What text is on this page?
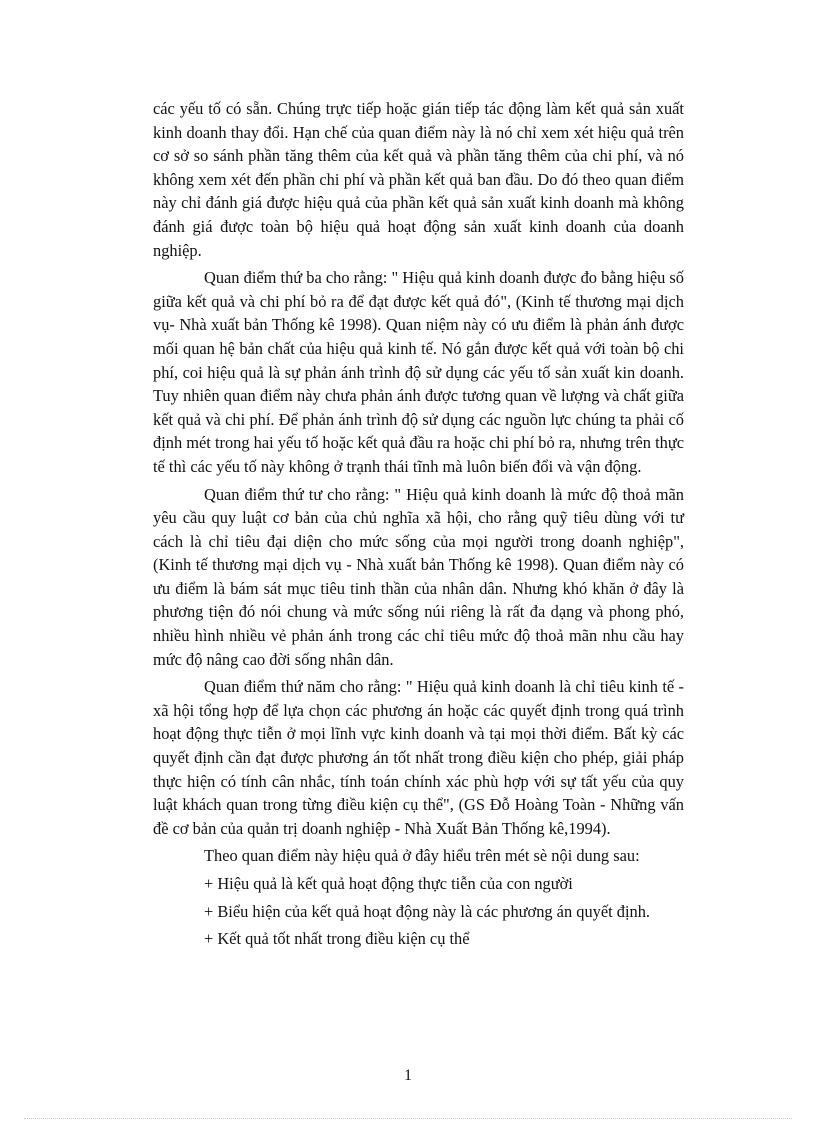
các yếu tố có sẵn. Chúng trực tiếp hoặc gián tiếp tác động làm kết quả sản xuất kinh doanh thay đổi. Hạn chế của quan điểm này là nó chỉ xem xét hiệu quả trên cơ sở so sánh phần tăng thêm của kết quả và phần tăng thêm của chi phí, và nó không xem xét đến phần chi phí và phần kết quả ban đầu. Do đó theo quan điểm này chỉ đánh giá được hiệu quả của phần kết quả sản xuất kinh doanh mà không đánh giá được toàn bộ hiệu quả hoạt động sản xuất kinh doanh của doanh nghiệp.

Quan điểm thứ ba cho rằng: " Hiệu quả kinh doanh được đo bằng hiệu số giữa kết quả và chi phí bỏ ra để đạt được kết quả đó", (Kinh tế thương mại dịch vụ- Nhà xuất bản Thống kê 1998). Quan niệm này có ưu điểm là phản ánh được mối quan hệ bản chất của hiệu quả kinh tế. Nó gắn được kết quả với toàn bộ chi phí, coi hiệu quả là sự phản ánh trình độ sử dụng các yếu tố sản xuất kin doanh. Tuy nhiên quan điểm này chưa phản ánh được tương quan về lượng và chất giữa kết quả và chi phí. Để phản ánh trình độ sử dụng các nguồn lực chúng ta phải cố định mét trong hai yếu tố hoặc kết quả đầu ra hoặc chi phí bỏ ra, nhưng trên thực tế thì các yếu tố này không ở trạnh thái tĩnh mà luôn biến đổi và vận động.

Quan điểm thứ tư cho rằng: " Hiệu quả kinh doanh là mức độ thoả mãn yêu cầu quy luật cơ bản của chủ nghĩa xã hội, cho rằng quỹ tiêu dùng với tư cách là chỉ tiêu đại diện cho mức sống của mọi người trong doanh nghiệp", (Kinh tế thương mại dịch vụ - Nhà xuất bản Thống kê 1998). Quan điểm này có ưu điểm là bám sát mục tiêu tinh thần của nhân dân. Nhưng khó khăn ở đây là phương tiện đó nói chung và mức sống núi riêng là rất đa dạng và phong phó, nhiều hình nhiều vẻ phản ánh trong các chỉ tiêu mức độ thoả mãn nhu cầu hay mức độ nâng cao đời sống nhân dân.

Quan điểm thứ năm cho rằng: " Hiệu quả kinh doanh là chỉ tiêu kinh tế - xã hội tổng hợp để lựa chọn các phương án hoặc các quyết định trong quá trình hoạt động thực tiễn ở mọi lĩnh vực kinh doanh và tại mọi thời điểm. Bất kỳ các quyết định cần đạt được phương án tốt nhất trong điều kiện cho phép, giải pháp thực hiện có tính cân nhắc, tính toán chính xác phù hợp với sự tất yếu của quy luật khách quan trong từng điều kiện cụ thể", (GS Đỗ Hoàng Toàn - Những vấn đề cơ bản của quản trị doanh nghiệp - Nhà Xuất Bản Thống kê,1994).

Theo quan điểm này hiệu quả ở đây hiểu trên mét sè nội dung sau:

+ Hiệu quả là kết quả hoạt động thực tiễn của con người

+ Biểu hiện của kết quả hoạt động này là các phương án quyết định.

+ Kết quả tốt nhất trong điều kiện cụ thể

1
